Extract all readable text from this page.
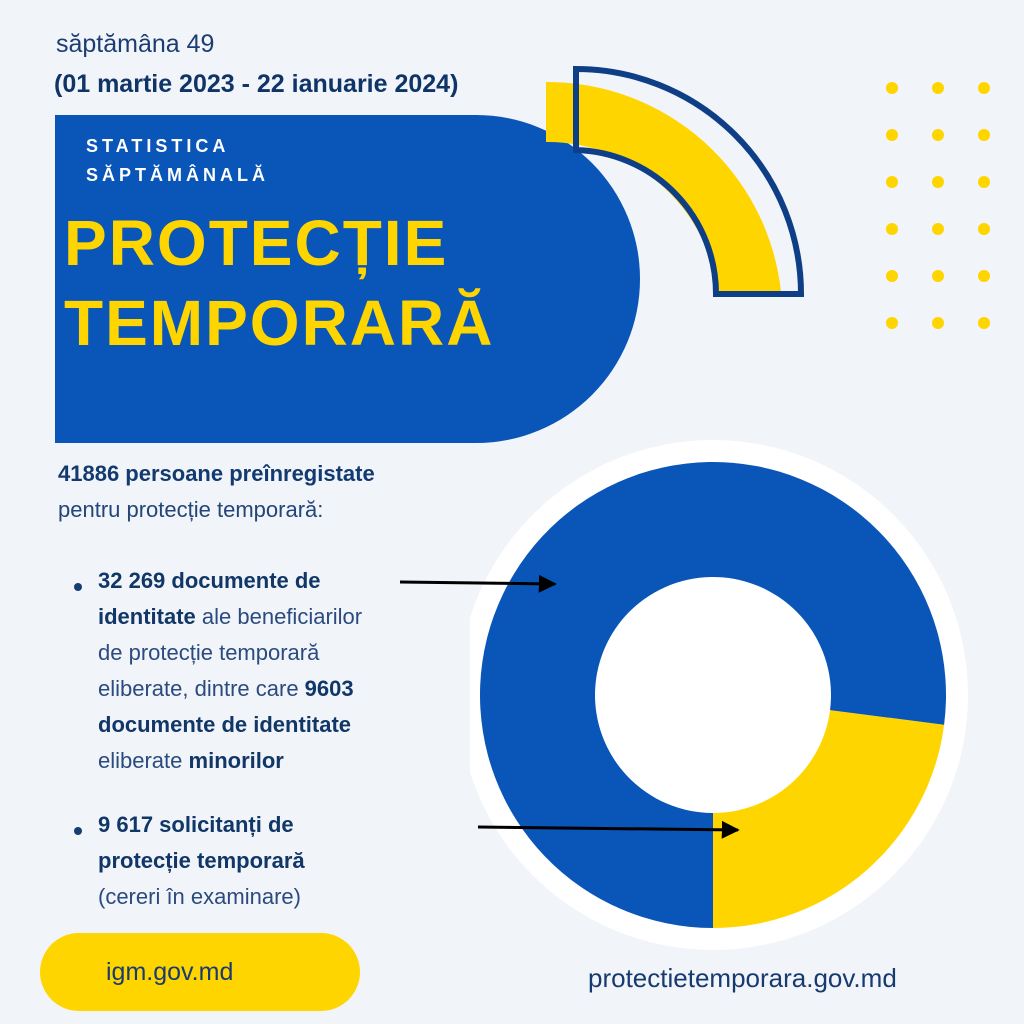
săptămâna 49
(01 martie 2023 - 22 ianuarie 2024)
STATISTICA
SĂPTĂMÂNALĂ
PROTECȚIE
TEMPORARĂ
41886 persoane preînregistate
pentru protecție temporară:
32 269 documente de
identitate ale beneficiarilor
de protecție temporară
eliberate, dintre care 9603
documente de identitate
eliberate minorilor
9 617 solicitanți de
protecție temporară
(cereri în examinare)
igm.gov.md	protectietemporara.gov.md
